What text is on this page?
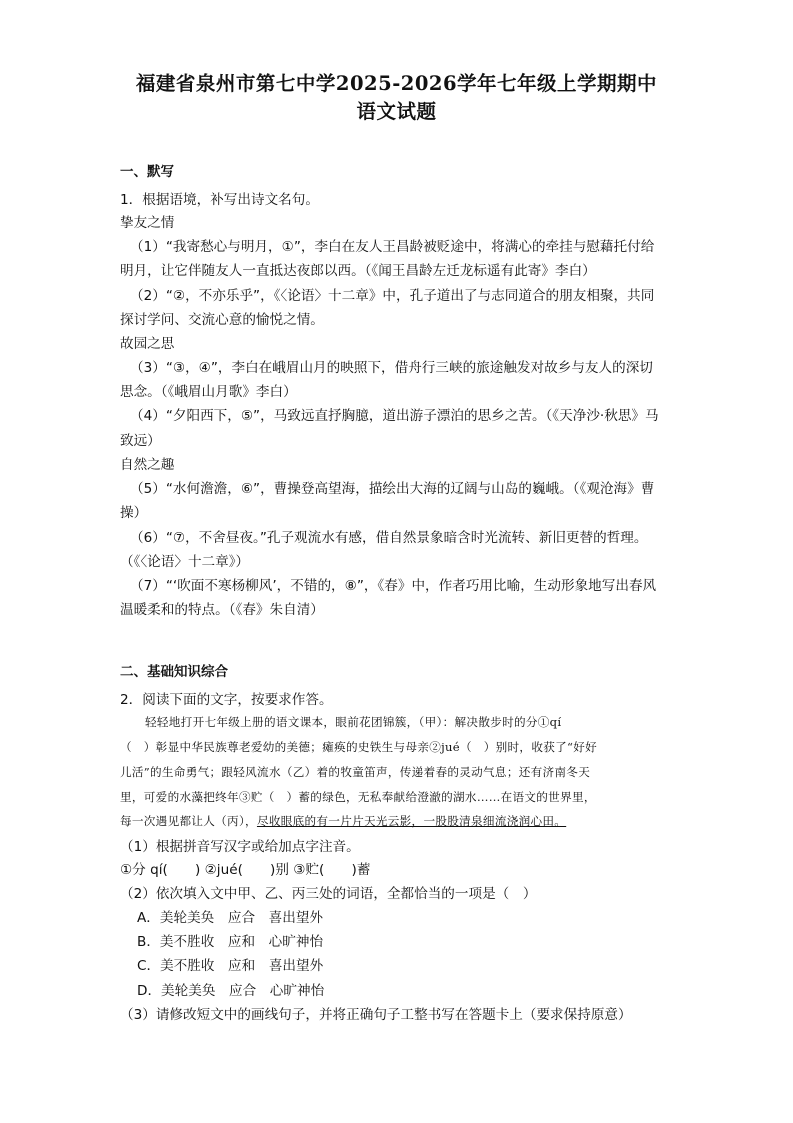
福建省泉州市第七中学2025-2026学年七年级上学期期中
语文试题
一、默写
1．根据语境，补写出诗文名句。
挚友之情
（1）“我寄愁心与明月，①”，李白在友人王昌龄被贬途中，将满心的牵挂与慰藉托付给
明月，让它伴随友人一直抵达夜郎以西。（《闻王昌龄左迁龙标遥有此寄》李白）
（2）“②，不亦乐乎”，《〈论语〉十二章》中，孔子道出了与志同道合的朋友相聚，共同
探讨学问、交流心意的愉悦之情。
故园之思
（3）“③，④”，李白在峨眉山月的映照下，借舟行三峡的旅途触发对故乡与友人的深切
思念。（《峨眉山月歌》李白）
（4）“夕阳西下，⑤”，马致远直抒胸臆，道出游子漂泊的思乡之苦。（《天净沙·秋思》马
致远）
自然之趣
（5）“水何澹澹，⑥”，曹操登高望海，描绘出大海的辽阔与山岛的巍峨。（《观沧海》曹
操）
（6）“⑦，不舍昼夜。”孔子观流水有感，借自然景象暗含时光流转、新旧更替的哲理。
（《〈论语〉十二章》）
（7）“‘吹面不寒杨柳风’，不错的，⑧”，《春》中，作者巧用比喻，生动形象地写出春风
温暖柔和的特点。（《春》朱自清）
二、基础知识综合
2．阅读下面的文字，按要求作答。
轻轻地打开七年级上册的语文课本，眼前花团锦簇，（甲）：解决散步时的分①qí
（　）彰显中华民族尊老爱幼的美德；瘫痪的史铁生与母亲②jué（　）别时，收获了“好好
儿活”的生命勇气；跟轻风流水（乙）着的牧童笛声，传递着春的灵动气息；还有济南冬天
里，可爱的水藻把终年③贮（　）蓄的绿色，无私奉献给澄澈的湖水……在语文的世界里，
每一次遇见都让人（丙），尽收眼底的有一片片天光云影，一股股清泉细流浇润心田。
（1）根据拼音写汉字或给加点字注音。
①分 qí(　　) ②jué(　　)别 ③贮(　　)蓄
（2）依次填入文中甲、乙、丙三处的词语，全都恰当的一项是（　）
A．美轮美奂　应合　喜出望外
B．美不胜收　应和　心旷神怡
C．美不胜收　应和　喜出望外
D．美轮美奂　应合　心旷神怡
（3）请修改短文中的画线句子，并将正确句子工整书写在答题卡上（要求保持原意）
